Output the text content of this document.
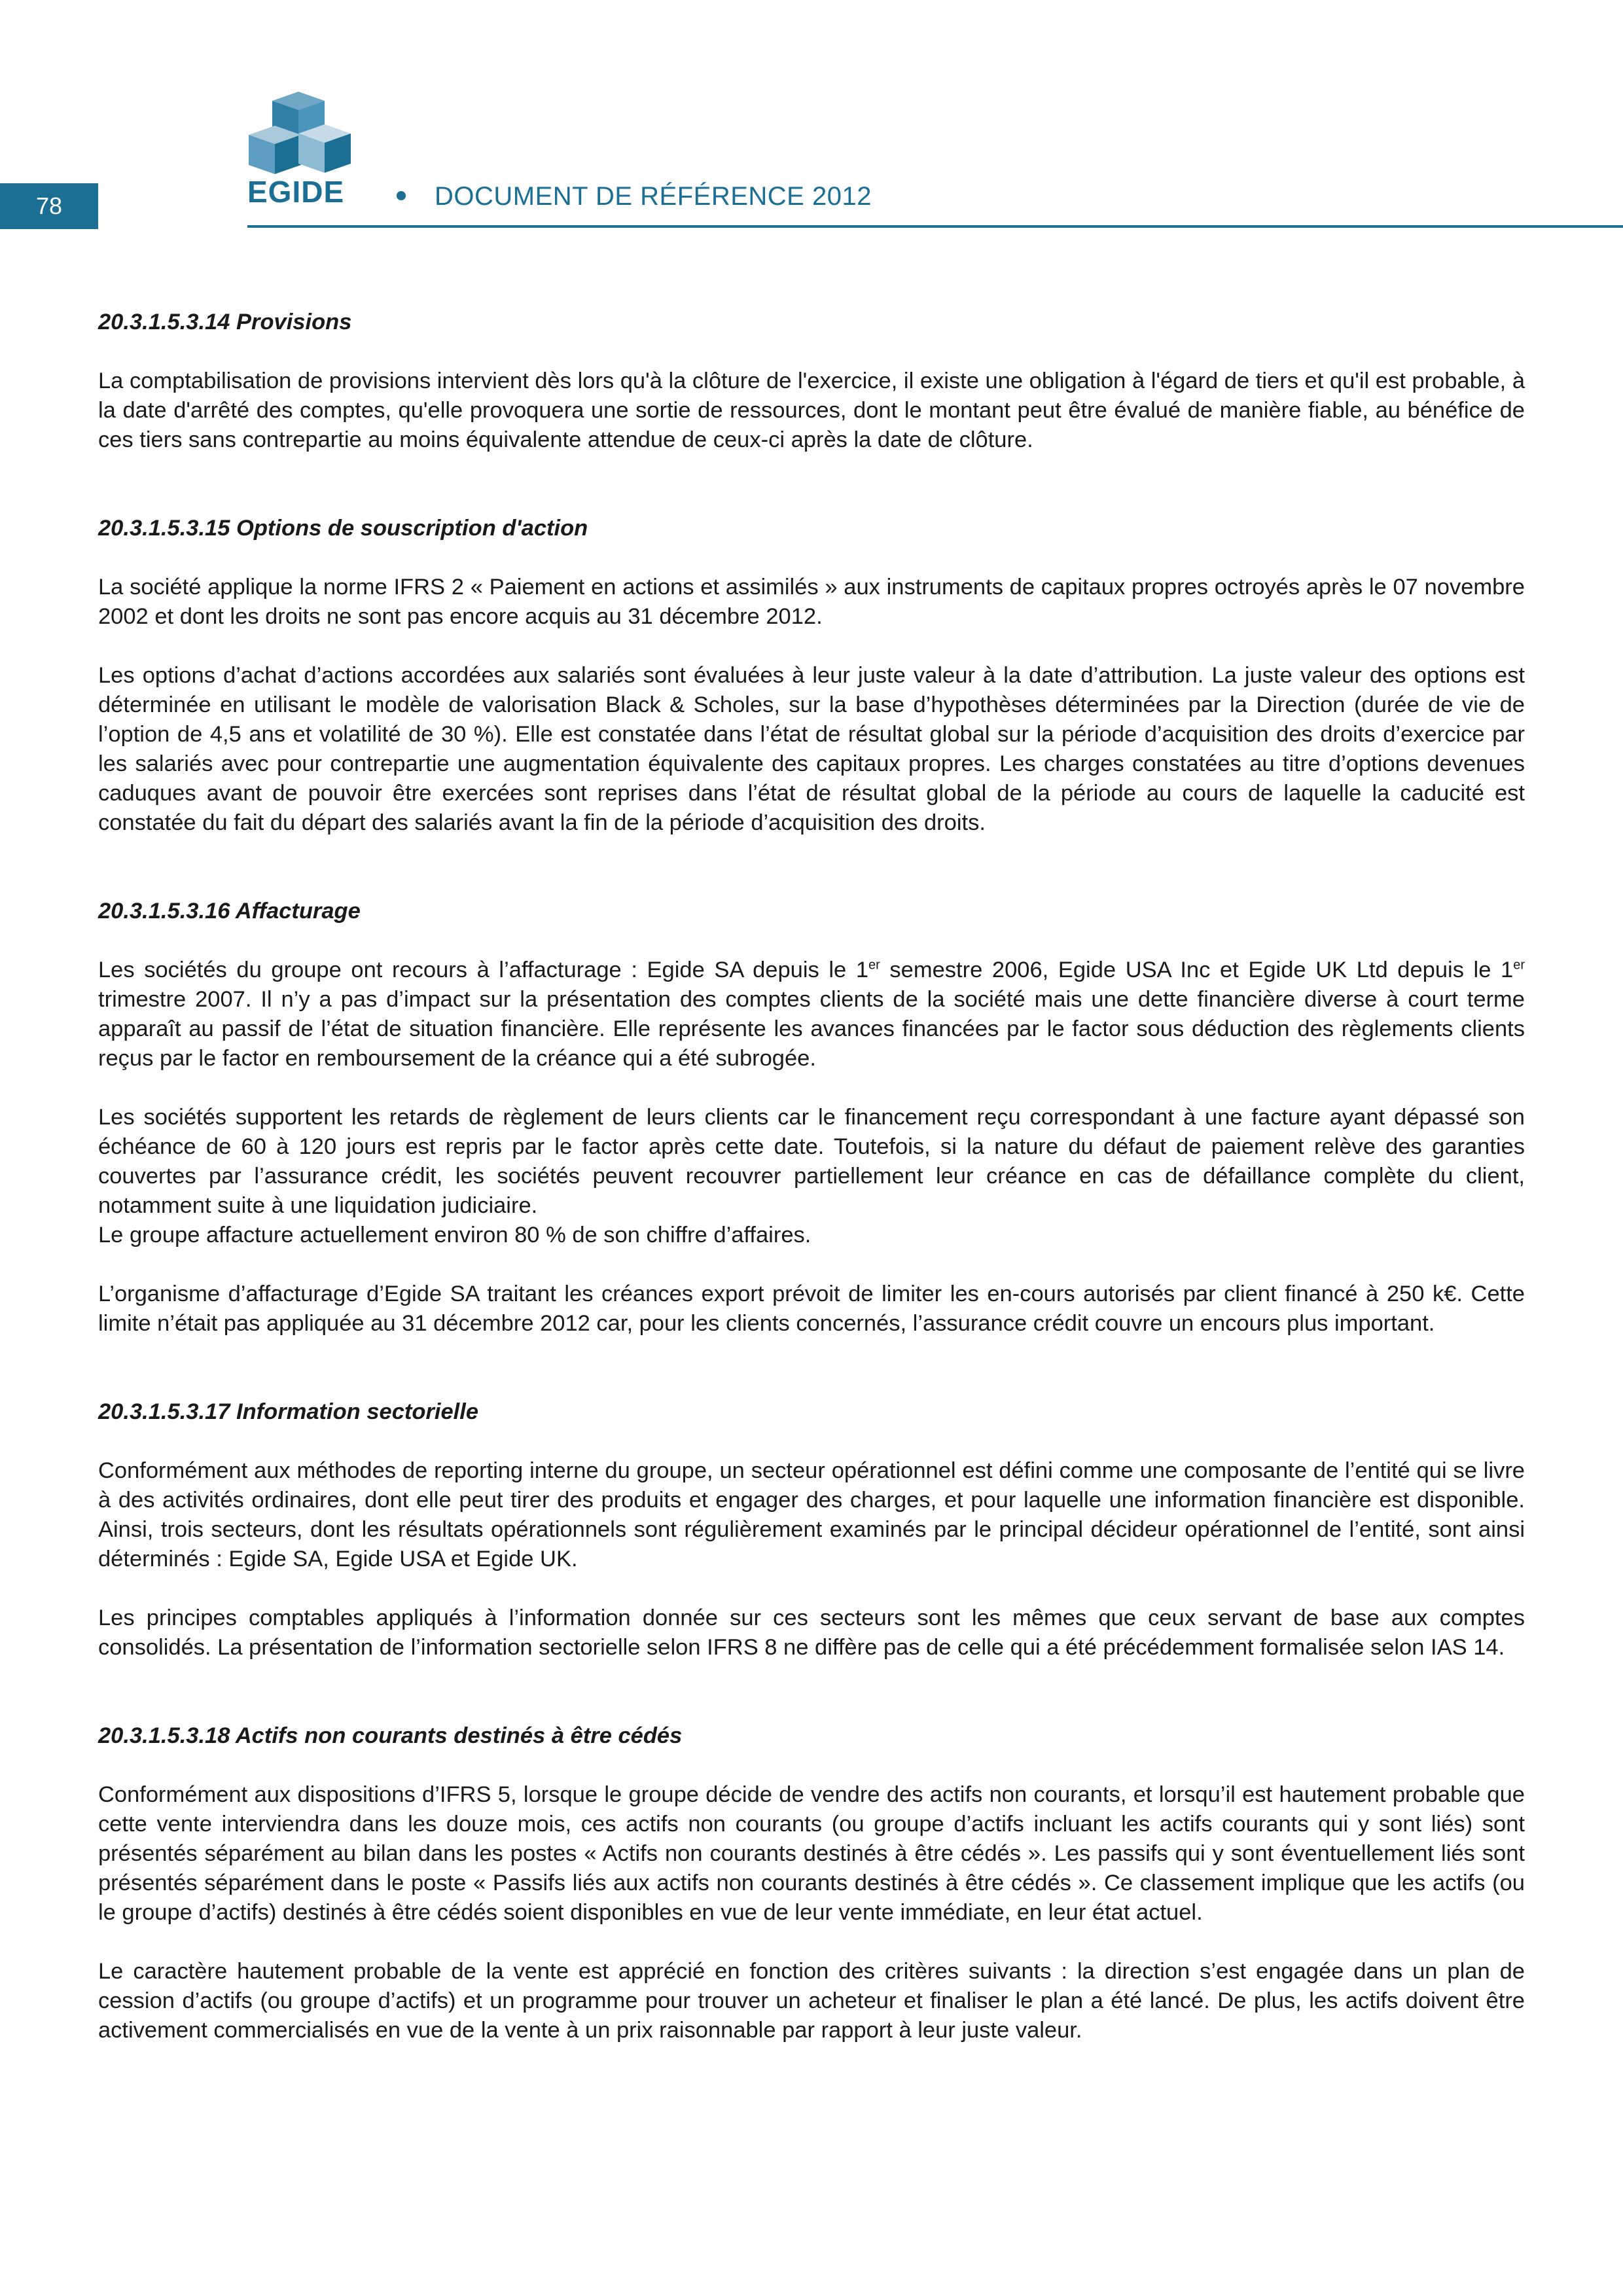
78	EGIDE	DOCUMENT DE RÉFÉRENCE 2012
20.3.1.5.3.14 Provisions

La comptabilisation de provisions intervient dès lors qu'à la clôture de l'exercice, il existe une obligation à l'égard de tiers et qu'il est probable, à la date d'arrêté des comptes, qu'elle provoquera une sortie de ressources, dont le montant peut être évalué de manière fiable, au bénéfice de ces tiers sans contrepartie au moins équivalente attendue de ceux-ci après la date de clôture.

20.3.1.5.3.15 Options de souscription d'action

La société applique la norme IFRS 2 « Paiement en actions et assimilés » aux instruments de capitaux propres octroyés après le 07 novembre 2002 et dont les droits ne sont pas encore acquis au 31 décembre 2012.

Les options d’achat d’actions accordées aux salariés sont évaluées à leur juste valeur à la date d’attribution. La juste valeur des options est déterminée en utilisant le modèle de valorisation Black & Scholes, sur la base d’hypothèses déterminées par la Direction (durée de vie de l’option de 4,5 ans et volatilité de 30 %). Elle est constatée dans l’état de résultat global sur la période d’acquisition des droits d’exercice par les salariés avec pour contrepartie une augmentation équivalente des capitaux propres. Les charges constatées au titre d’options devenues caduques avant de pouvoir être exercées sont reprises dans l’état de résultat global de la période au cours de laquelle la caducité est constatée du fait du départ des salariés avant la fin de la période d’acquisition des droits.

20.3.1.5.3.16 Affacturage

Les sociétés du groupe ont recours à l’affacturage : Egide SA depuis le 1er semestre 2006, Egide USA Inc et Egide UK Ltd depuis le 1er trimestre 2007. Il n’y a pas d’impact sur la présentation des comptes clients de la société mais une dette financière diverse à court terme apparaît au passif de l’état de situation financière. Elle représente les avances financées par le factor sous déduction des règlements clients reçus par le factor en remboursement de la créance qui a été subrogée.

Les sociétés supportent les retards de règlement de leurs clients car le financement reçu correspondant à une facture ayant dépassé son échéance de 60 à 120 jours est repris par le factor après cette date. Toutefois, si la nature du défaut de paiement relève des garanties couvertes par l’assurance crédit, les sociétés peuvent recouvrer partiellement leur créance en cas de défaillance complète du client, notamment suite à une liquidation judiciaire.

Le groupe affacture actuellement environ 80 % de son chiffre d’affaires.

L’organisme d’affacturage d’Egide SA traitant les créances export prévoit de limiter les en-cours autorisés par client financé à 250 k€. Cette limite n’était pas appliquée au 31 décembre 2012 car, pour les clients concernés, l’assurance crédit couvre un encours plus important.

20.3.1.5.3.17 Information sectorielle

Conformément aux méthodes de reporting interne du groupe, un secteur opérationnel est défini comme une composante de l’entité qui se livre à des activités ordinaires, dont elle peut tirer des produits et engager des charges, et pour laquelle une information financière est disponible. Ainsi, trois secteurs, dont les résultats opérationnels sont régulièrement examinés par le principal décideur opérationnel de l’entité, sont ainsi déterminés : Egide SA, Egide USA et Egide UK.

Les principes comptables appliqués à l’information donnée sur ces secteurs sont les mêmes que ceux servant de base aux comptes consolidés. La présentation de l’information sectorielle selon IFRS 8 ne diffère pas de celle qui a été précédemment formalisée selon IAS 14.

20.3.1.5.3.18 Actifs non courants destinés à être cédés

Conformément aux dispositions d’IFRS 5, lorsque le groupe décide de vendre des actifs non courants, et lorsqu’il est hautement probable que cette vente interviendra dans les douze mois, ces actifs non courants (ou groupe d’actifs incluant les actifs courants qui y sont liés) sont présentés séparément au bilan dans les postes « Actifs non courants destinés à être cédés ». Les passifs qui y sont éventuellement liés sont présentés séparément dans le poste « Passifs liés aux actifs non courants destinés à être cédés ». Ce classement implique que les actifs (ou le groupe d’actifs) destinés à être cédés soient disponibles en vue de leur vente immédiate, en leur état actuel.

Le caractère hautement probable de la vente est apprécié en fonction des critères suivants : la direction s’est engagée dans un plan de cession d’actifs (ou groupe d’actifs) et un programme pour trouver un acheteur et finaliser le plan a été lancé. De plus, les actifs doivent être activement commercialisés en vue de la vente à un prix raisonnable par rapport à leur juste valeur.
